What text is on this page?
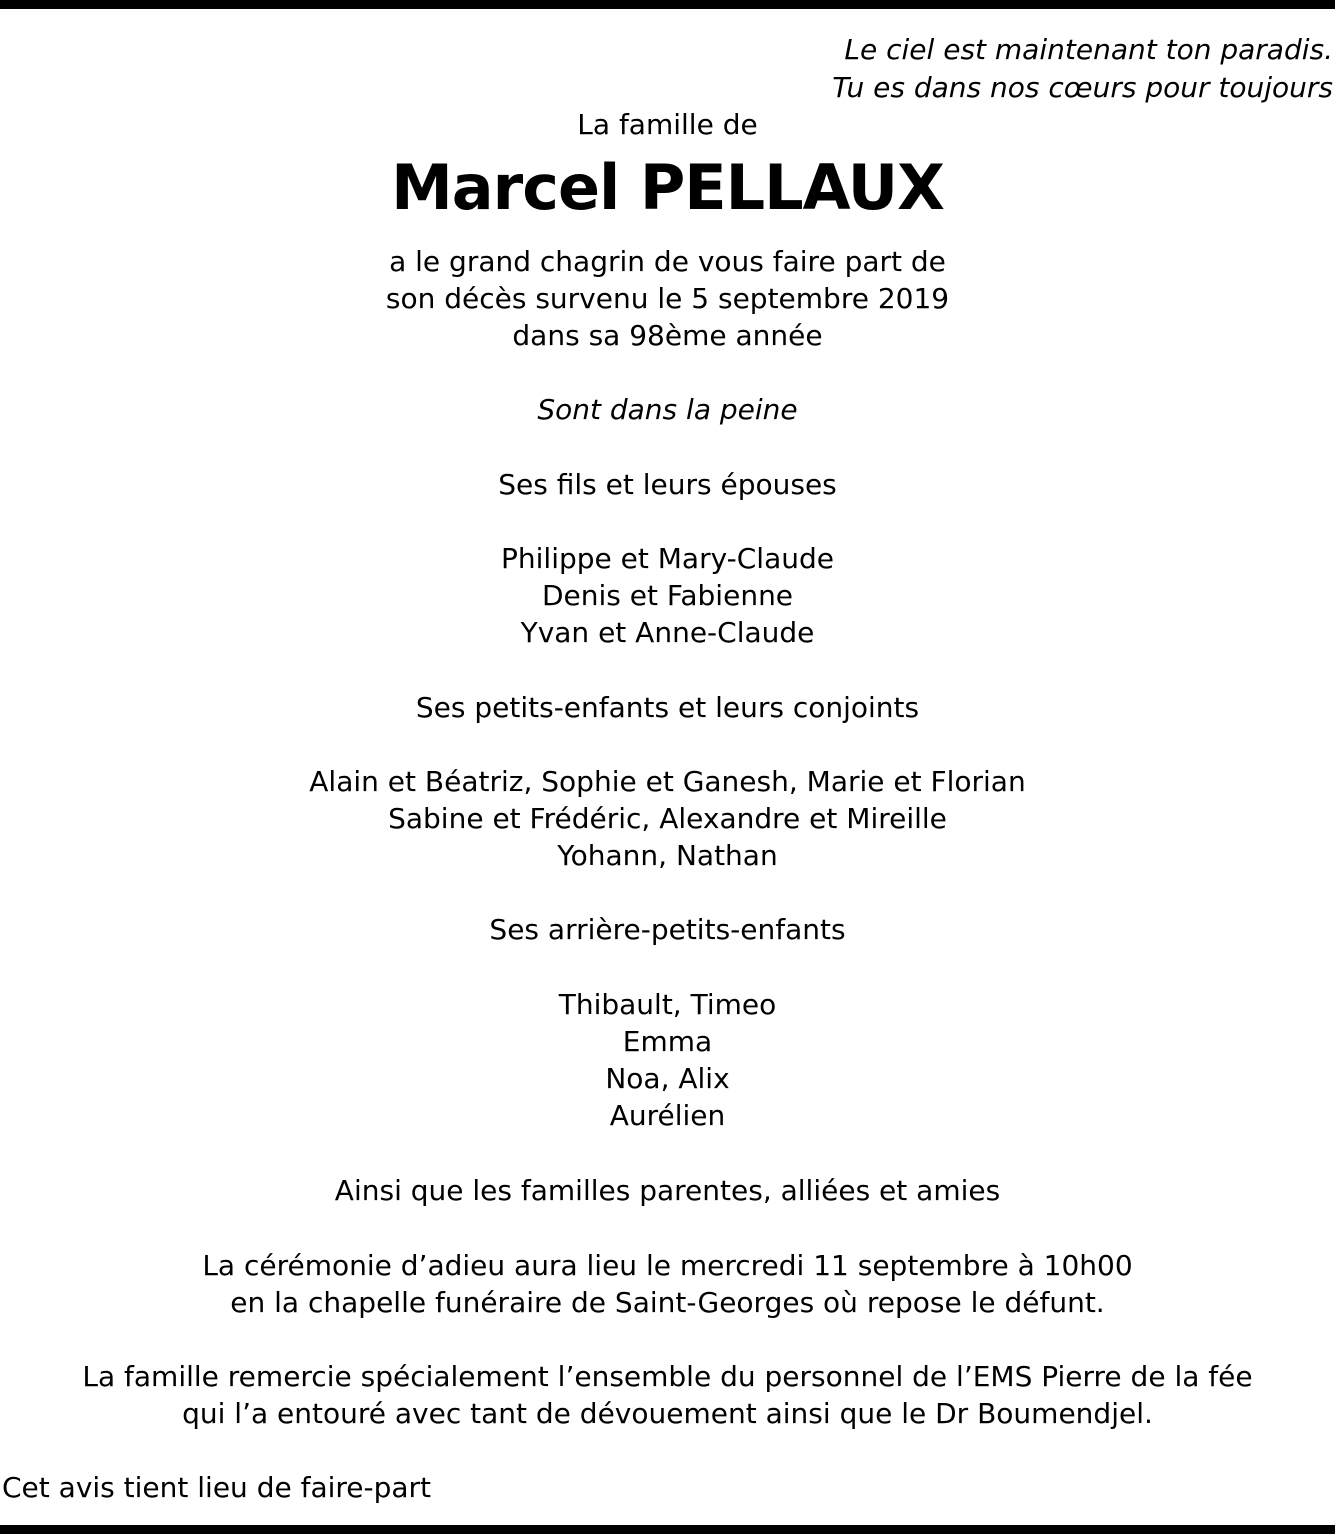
Le ciel est maintenant ton paradis.
Tu es dans nos cœurs pour toujours
La famille de
Marcel PELLAUX
a le grand chagrin de vous faire part de
son décès survenu le 5 septembre 2019
dans sa 98ème année
Sont dans la peine
Ses fils et leurs épouses
Philippe et Mary-Claude
Denis et Fabienne
Yvan et Anne-Claude
Ses petits-enfants et leurs conjoints
Alain et Béatriz, Sophie et Ganesh, Marie et Florian
Sabine et Frédéric, Alexandre et Mireille
Yohann, Nathan
Ses arrière-petits-enfants
Thibault, Timeo
Emma
Noa, Alix
Aurélien
Ainsi que les familles parentes, alliées et amies
La cérémonie d’adieu aura lieu le mercredi 11 septembre à 10h00
en la chapelle funéraire de Saint-Georges où repose le défunt.
La famille remercie spécialement l’ensemble du personnel de l’EMS Pierre de la fée
qui l’a entouré avec tant de dévouement ainsi que le Dr Boumendjel.
Cet avis tient lieu de faire-part
